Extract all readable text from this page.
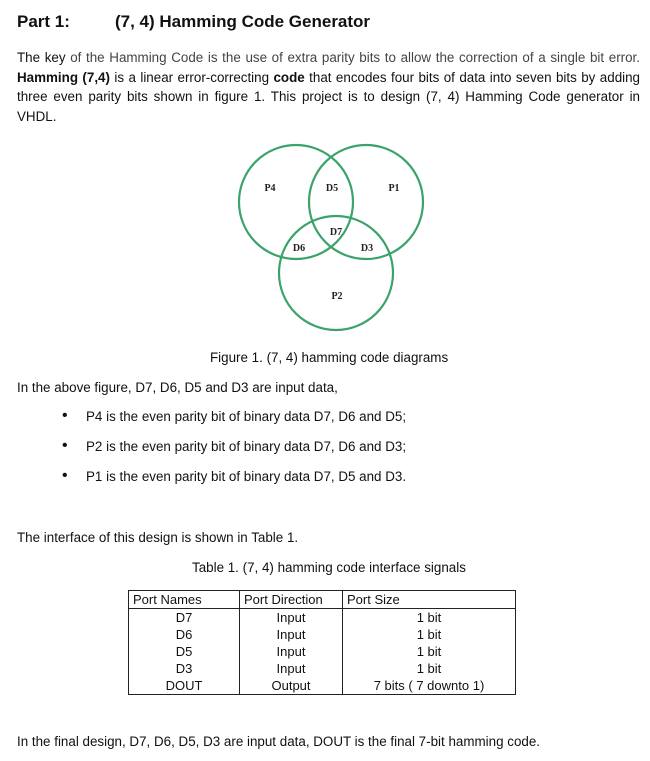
Part 1:	(7, 4) Hamming Code Generator
The key of the Hamming Code is the use of extra parity bits to allow the correction of a single bit error. Hamming (7,4) is a linear error-correcting code that encodes four bits of data into seven bits by adding three even parity bits shown in figure 1. This project is to design (7, 4) Hamming Code generator in VHDL.
P4	D5	P1
D7
D6	D3
P2
Figure 1. (7, 4) hamming code diagrams
In the above figure, D7, D6, D5 and D3 are input data,
• P4 is the even parity bit of binary data D7, D6 and D5;
• P2 is the even parity bit of binary data D7, D6 and D3;
• P1 is the even parity bit of binary data D7, D5 and D3.
The interface of this design is shown in Table 1.
Table 1. (7, 4) hamming code interface signals
Port Names	Port Direction	Port Size
D7	Input	1 bit
D6	Input	1 bit
D5	Input	1 bit
D3	Input	1 bit
DOUT	Output	7 bits ( 7 downto 1)
In the final design, D7, D6, D5, D3 are input data, DOUT is the final 7-bit hamming code.
